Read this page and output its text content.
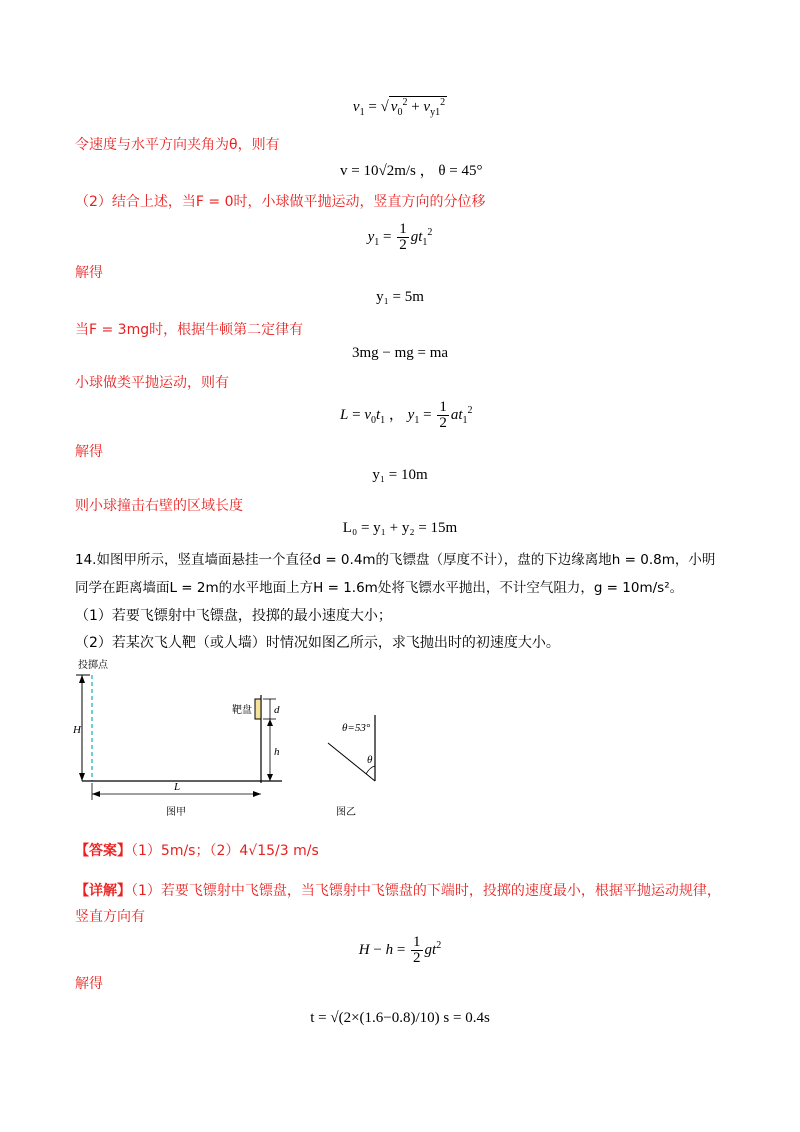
$v_1$ = √ $v_0^2 + v_{y1}^2$
令速度与水平方向夹角为θ，则有
v = 10√2m/s ， θ = 45°
（2）结合上述，当F = 0时，小球做平抛运动，竖直方向的分位移
$y_1 = \frac{1}{2} gt_1^2$
解得
y₁ = 5m
当F = 3mg时，根据牛顿第二定律有
3mg − mg = ma
小球做类平抛运动，则有
$L = v_0t_1$ ， $y_1 = \frac{1}{2} at_1^2$
解得
y₁ = 10m
则小球撞击右壁的区域长度
L₀ = y₁ + y₂ = 15m
14.如图甲所示，竖直墙面悬挂一个直径d = 0.4m的飞镖盘（厚度不计），盘的下边缘离地h = 0.8m，小明
同学在距离墙面L = 2m的水平地面上方H = 1.6m处将飞镖水平抛出，不计空气阻力，g = 10m/s²。
（1）若要飞镖射中飞镖盘，投掷的最小速度大小；
（2）若某次飞人靶（或人墙）时情况如图乙所示，求飞抛出时的初速度大小。
投掷点
H
靶盘 d
h
L
图甲
θ=53°
θ
图乙
【答案】（1）5m/s；（2）4√15/3 m/s
【详解】（1）若要飞镖射中飞镖盘，当飞镖射中飞镖盘的下端时，投掷的速度最小，根据平抛运动规律，
竖直方向有
$H - h = \frac{1}{2} gt^2$
解得
t = √(2×(1.6−0.8)/10) s = 0.4s
